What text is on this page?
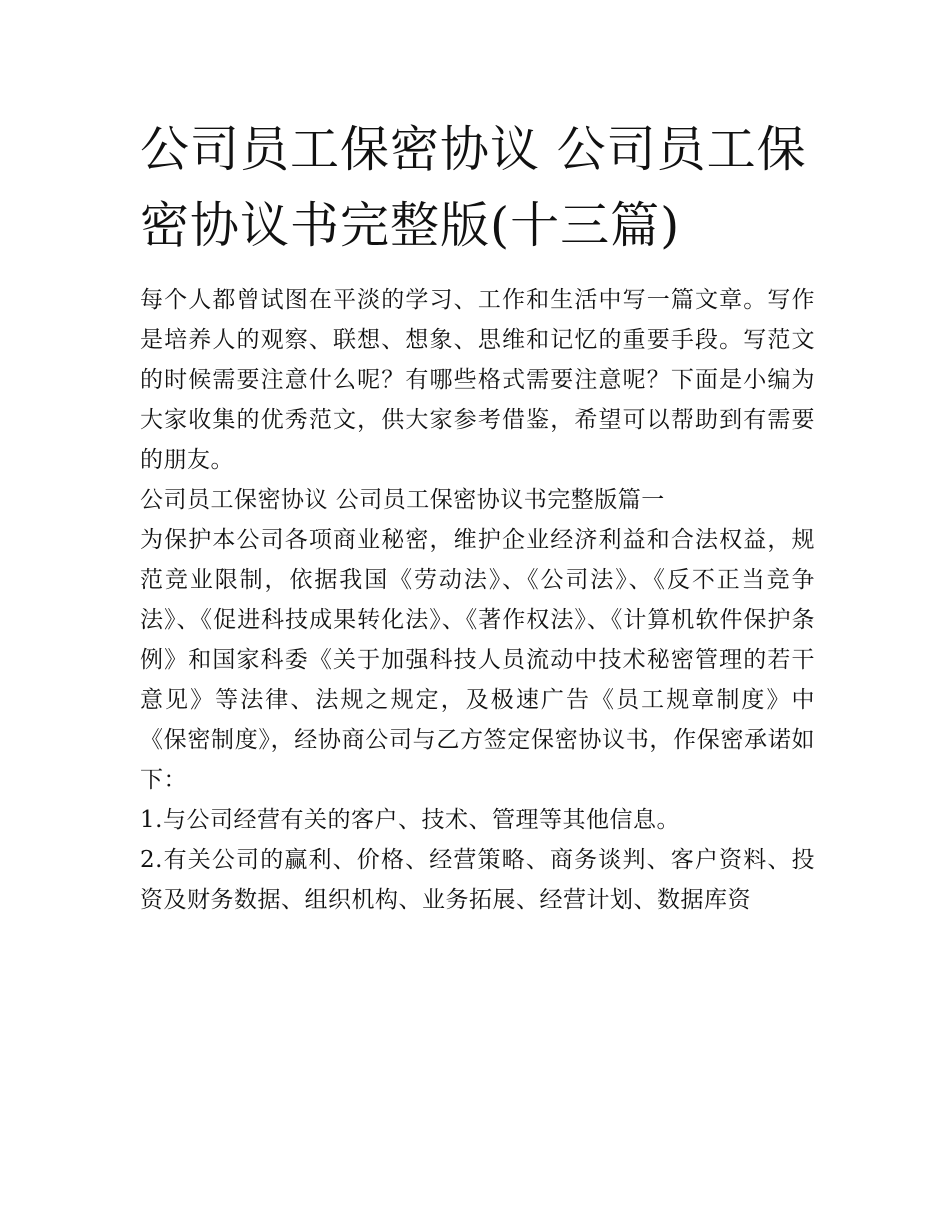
公司员工保密协议 公司员工保密协议书完整版(十三篇)

每个人都曾试图在平淡的学习、工作和生活中写一篇文章。写作是培养人的观察、联想、想象、思维和记忆的重要手段。写范文的时候需要注意什么呢？有哪些格式需要注意呢？下面是小编为大家收集的优秀范文，供大家参考借鉴，希望可以帮助到有需要的朋友。

公司员工保密协议 公司员工保密协议书完整版篇一

为保护本公司各项商业秘密，维护企业经济利益和合法权益，规范竞业限制，依据我国《劳动法》、《公司法》、《反不正当竞争法》、《促进科技成果转化法》、《著作权法》、《计算机软件保护条例》和国家科委《关于加强科技人员流动中技术秘密管理的若干意见》等法律、法规之规定，及极速广告《员工规章制度》中《保密制度》，经协商公司与乙方签定保密协议书，作保密承诺如下：

1.与公司经营有关的客户、技术、管理等其他信息。

2.有关公司的赢利、价格、经营策略、商务谈判、客户资料、投资及财务数据、组织机构、业务拓展、经营计划、数据库资
